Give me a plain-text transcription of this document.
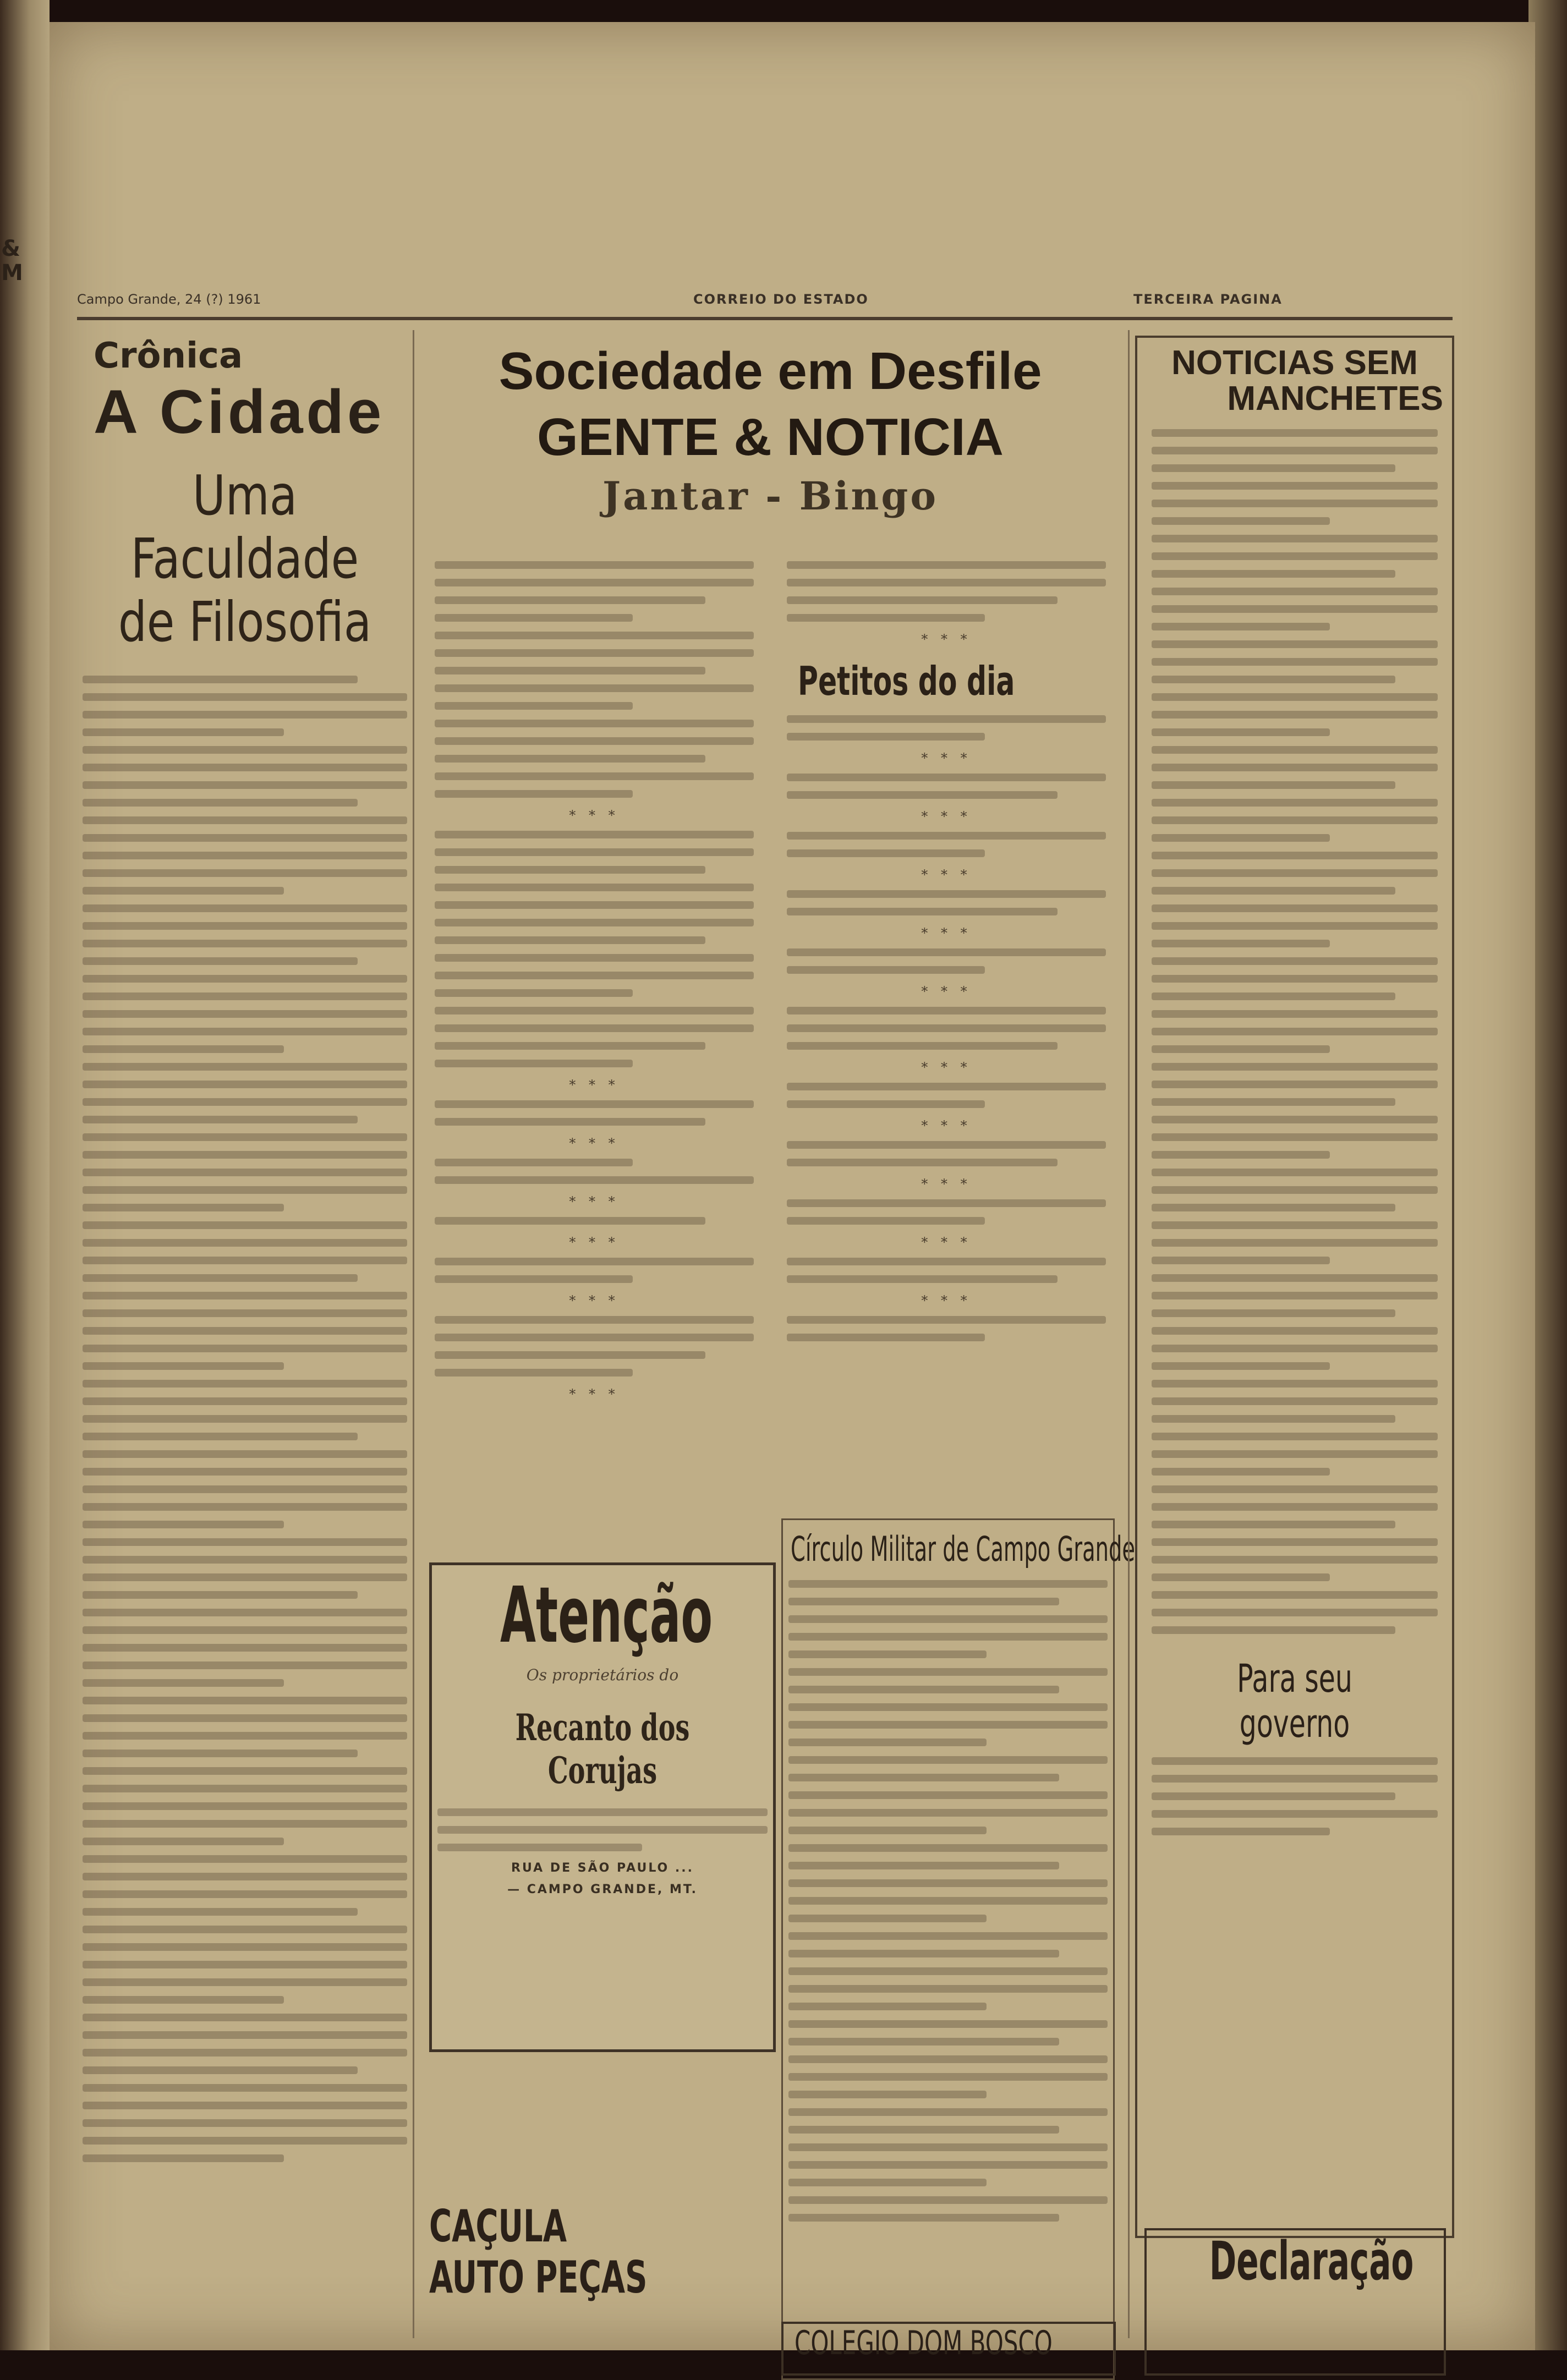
& M
Campo Grande, 24 (?) 1961	CORREIO DO ESTADO	TERCEIRA PAGINA
Crônica
A Cidade
Uma Faculdade
de Filosofia
Sociedade em Desfile
GENTE & NOTICIA
Jantar - Bingo
* * *
* * *
* * *
* * *
* * *
* * *
* * *
* * *
Petitos do dia
* * *
* * *
* * *
* * *
* * *
* * *
* * *
* * *
* * *
* * *
Atenção
Os proprietários do
Recanto dos Corujas
RUA DE SÃO PAULO ...
— CAMPO GRANDE, MT.
Círculo Militar de Campo Grande
CAÇULA AUTO PEÇAS
COLEGIO DOM BOSCO
NOTICIAS SEM
MANCHETES
Para seu governo
Declaração
